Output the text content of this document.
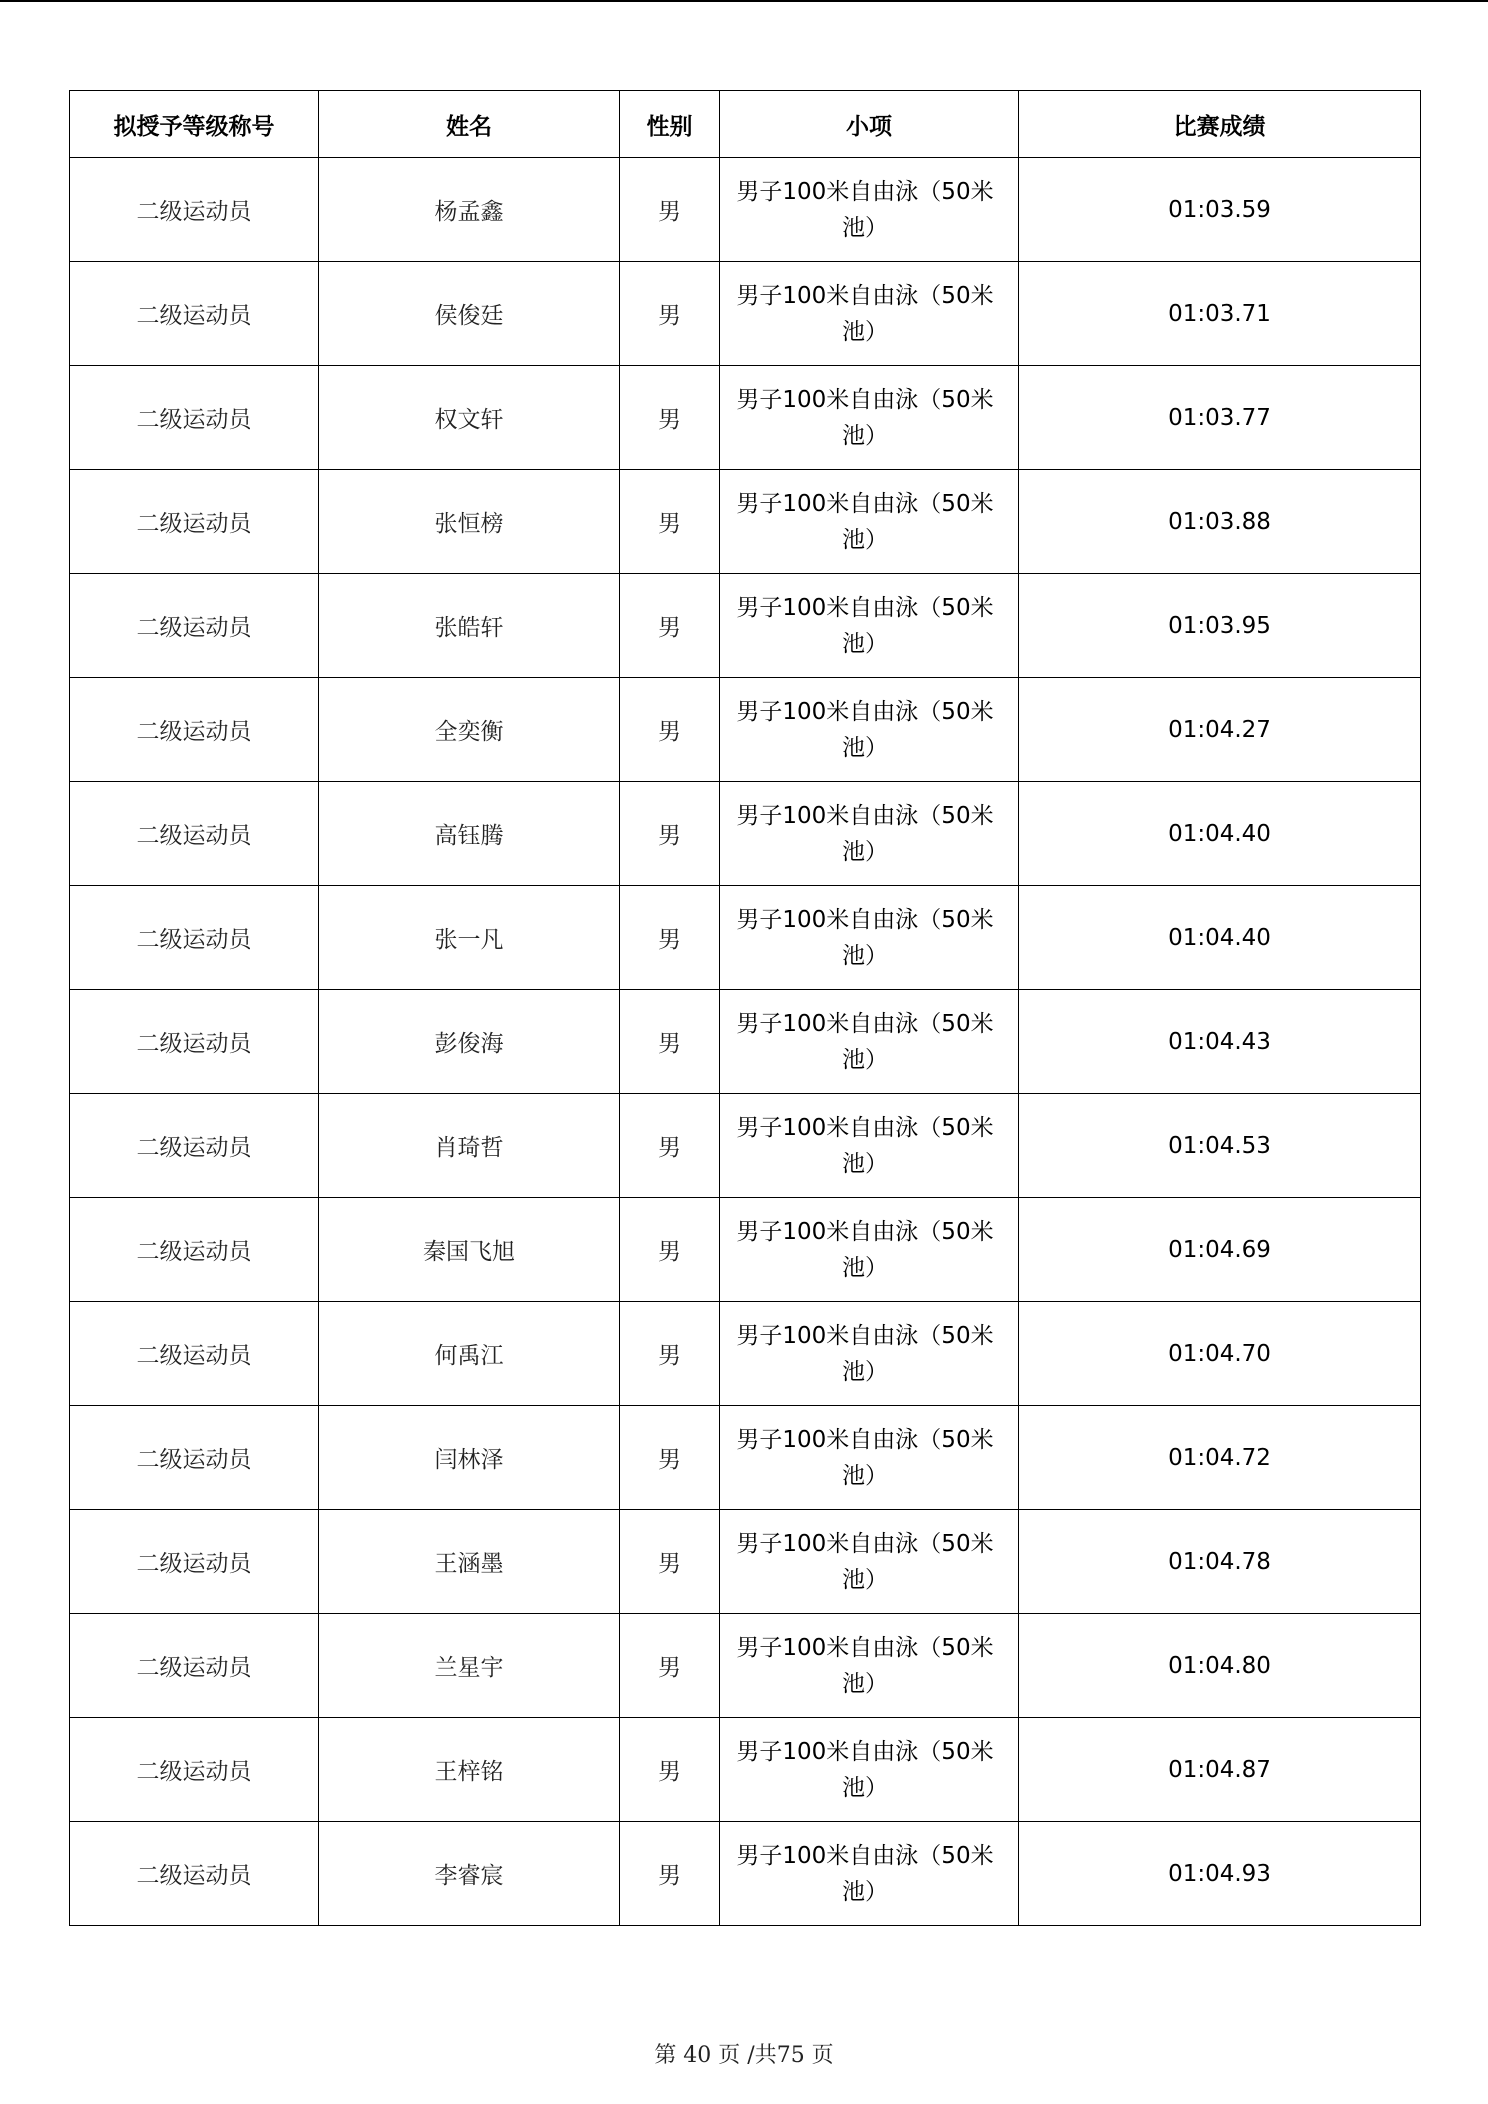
拟授予等级称号	姓名	性别	小项	比赛成绩
二级运动员	杨孟鑫	男	男子100米自由泳（50米池）	01:03.59
二级运动员	侯俊廷	男	男子100米自由泳（50米池）	01:03.71
二级运动员	权文轩	男	男子100米自由泳（50米池）	01:03.77
二级运动员	张恒榜	男	男子100米自由泳（50米池）	01:03.88
二级运动员	张皓轩	男	男子100米自由泳（50米池）	01:03.95
二级运动员	全奕衡	男	男子100米自由泳（50米池）	01:04.27
二级运动员	高钰腾	男	男子100米自由泳（50米池）	01:04.40
二级运动员	张一凡	男	男子100米自由泳（50米池）	01:04.40
二级运动员	彭俊海	男	男子100米自由泳（50米池）	01:04.43
二级运动员	肖琦哲	男	男子100米自由泳（50米池）	01:04.53
二级运动员	秦国飞旭	男	男子100米自由泳（50米池）	01:04.69
二级运动员	何禹江	男	男子100米自由泳（50米池）	01:04.70
二级运动员	闫林泽	男	男子100米自由泳（50米池）	01:04.72
二级运动员	王涵墨	男	男子100米自由泳（50米池）	01:04.78
二级运动员	兰星宇	男	男子100米自由泳（50米池）	01:04.80
二级运动员	王梓铭	男	男子100米自由泳（50米池）	01:04.87
二级运动员	李睿宸	男	男子100米自由泳（50米池）	01:04.93
第 40 页 /共75 页
